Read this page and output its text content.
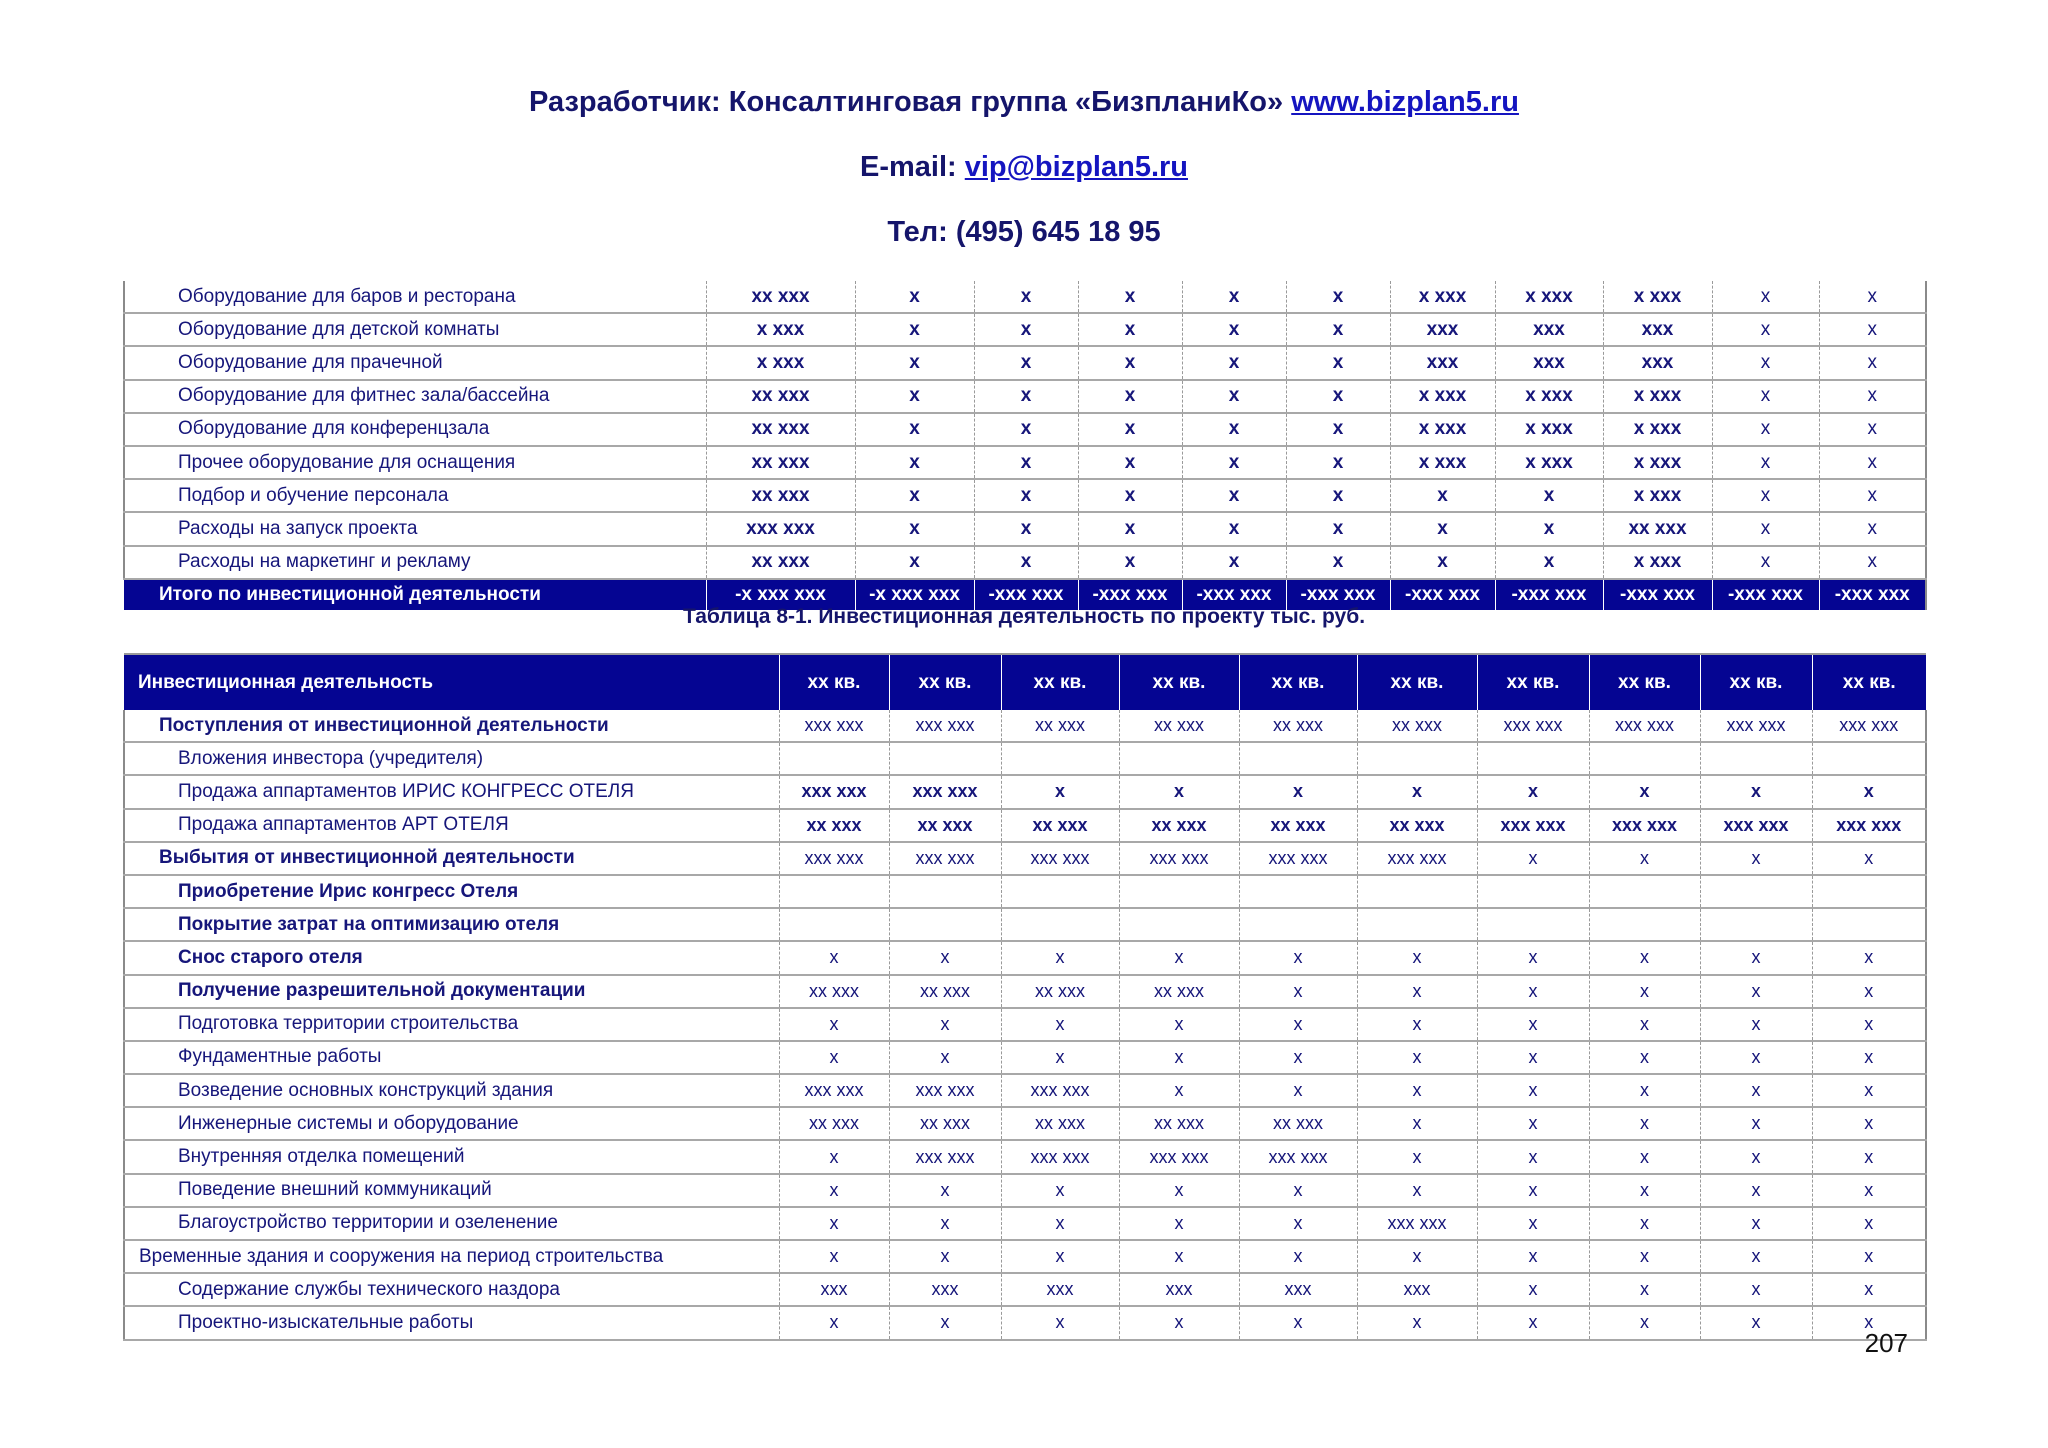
Разработчик: Консалтинговая группа «БизпланиКо» www.bizplan5.ru
E-mail: vip@bizplan5.ru
Тел: (495) 645 18 95
Оборудование для баров и ресторана	xx xxx	x	x	x	x	x	x xxx	x xxx	x xxx	x	x
Оборудование для детской комнаты	x xxx	x	x	x	x	x	xxx	xxx	xxx	x	x
Оборудование для прачечной	x xxx	x	x	x	x	x	xxx	xxx	xxx	x	x
Оборудование для фитнес зала/бассейна	xx xxx	x	x	x	x	x	x xxx	x xxx	x xxx	x	x
Оборудование для конференцзала	xx xxx	x	x	x	x	x	x xxx	x xxx	x xxx	x	x
Прочее оборудование для оснащения	xx xxx	x	x	x	x	x	x xxx	x xxx	x xxx	x	x
Подбор и обучение персонала	xx xxx	x	x	x	x	x	x	x	x xxx	x	x
Расходы на запуск проекта	xxx xxx	x	x	x	x	x	x	x	xx xxx	x	x
Расходы на маркетинг и рекламу	xx xxx	x	x	x	x	x	x	x	x xxx	x	x
Итого по инвестиционной деятельности	-x xxx xxx	-x xxx xxx	-xxx xxx	-xxx xxx	-xxx xxx	-xxx xxx	-xxx xxx	-xxx xxx	-xxx xxx	-xxx xxx	-xxx xxx
Таблица 8-1. Инвестиционная деятельность по проекту тыс. руб.
Инвестиционная деятельность	xx кв.	xx кв.	xx кв.	xx кв.	xx кв.	xx кв.	xx кв.	xx кв.	xx кв.	xx кв.
Поступления от инвестиционной деятельности	xxx xxx	xxx xxx	xx xxx	xx xxx	xx xxx	xx xxx	xxx xxx	xxx xxx	xxx xxx	xxx xxx
Вложения инвестора (учредителя)										
Продажа аппартаментов ИРИС КОНГРЕСС ОТЕЛЯ	xxx xxx	xxx xxx	x	x	x	x	x	x	x	x
Продажа аппартаментов АРТ ОТЕЛЯ	xx xxx	xx xxx	xx xxx	xx xxx	xx xxx	xx xxx	xxx xxx	xxx xxx	xxx xxx	xxx xxx
Выбытия от инвестиционной деятельности	xxx xxx	xxx xxx	xxx xxx	xxx xxx	xxx xxx	xxx xxx	x	x	x	x
Приобретение Ирис конгресс Отеля										
Покрытие затрат на оптимизацию отеля										
Снос старого отеля	x	x	x	x	x	x	x	x	x	x
Получение разрешительной документации	xx xxx	xx xxx	xx xxx	xx xxx	x	x	x	x	x	x
Подготовка территории строительства	x	x	x	x	x	x	x	x	x	x
Фундаментные работы	x	x	x	x	x	x	x	x	x	x
Возведение основных конструкций здания	xxx xxx	xxx xxx	xxx xxx	x	x	x	x	x	x	x
Инженерные системы и оборудование	xx xxx	xx xxx	xx xxx	xx xxx	xx xxx	x	x	x	x	x
Внутренняя отделка помещений	x	xxx xxx	xxx xxx	xxx xxx	xxx xxx	x	x	x	x	x
Поведение внешний коммуникаций	x	x	x	x	x	x	x	x	x	x
Благоустройство территории и озеленение	x	x	x	x	x	xxx xxx	x	x	x	x
Временные здания и сооружения на период строительства	x	x	x	x	x	x	x	x	x	x
Содержание службы технического наздора	xxx	xxx	xxx	xxx	xxx	xxx	x	x	x	x
Проектно-изыскательные работы	x	x	x	x	x	x	x	x	x	x
207
